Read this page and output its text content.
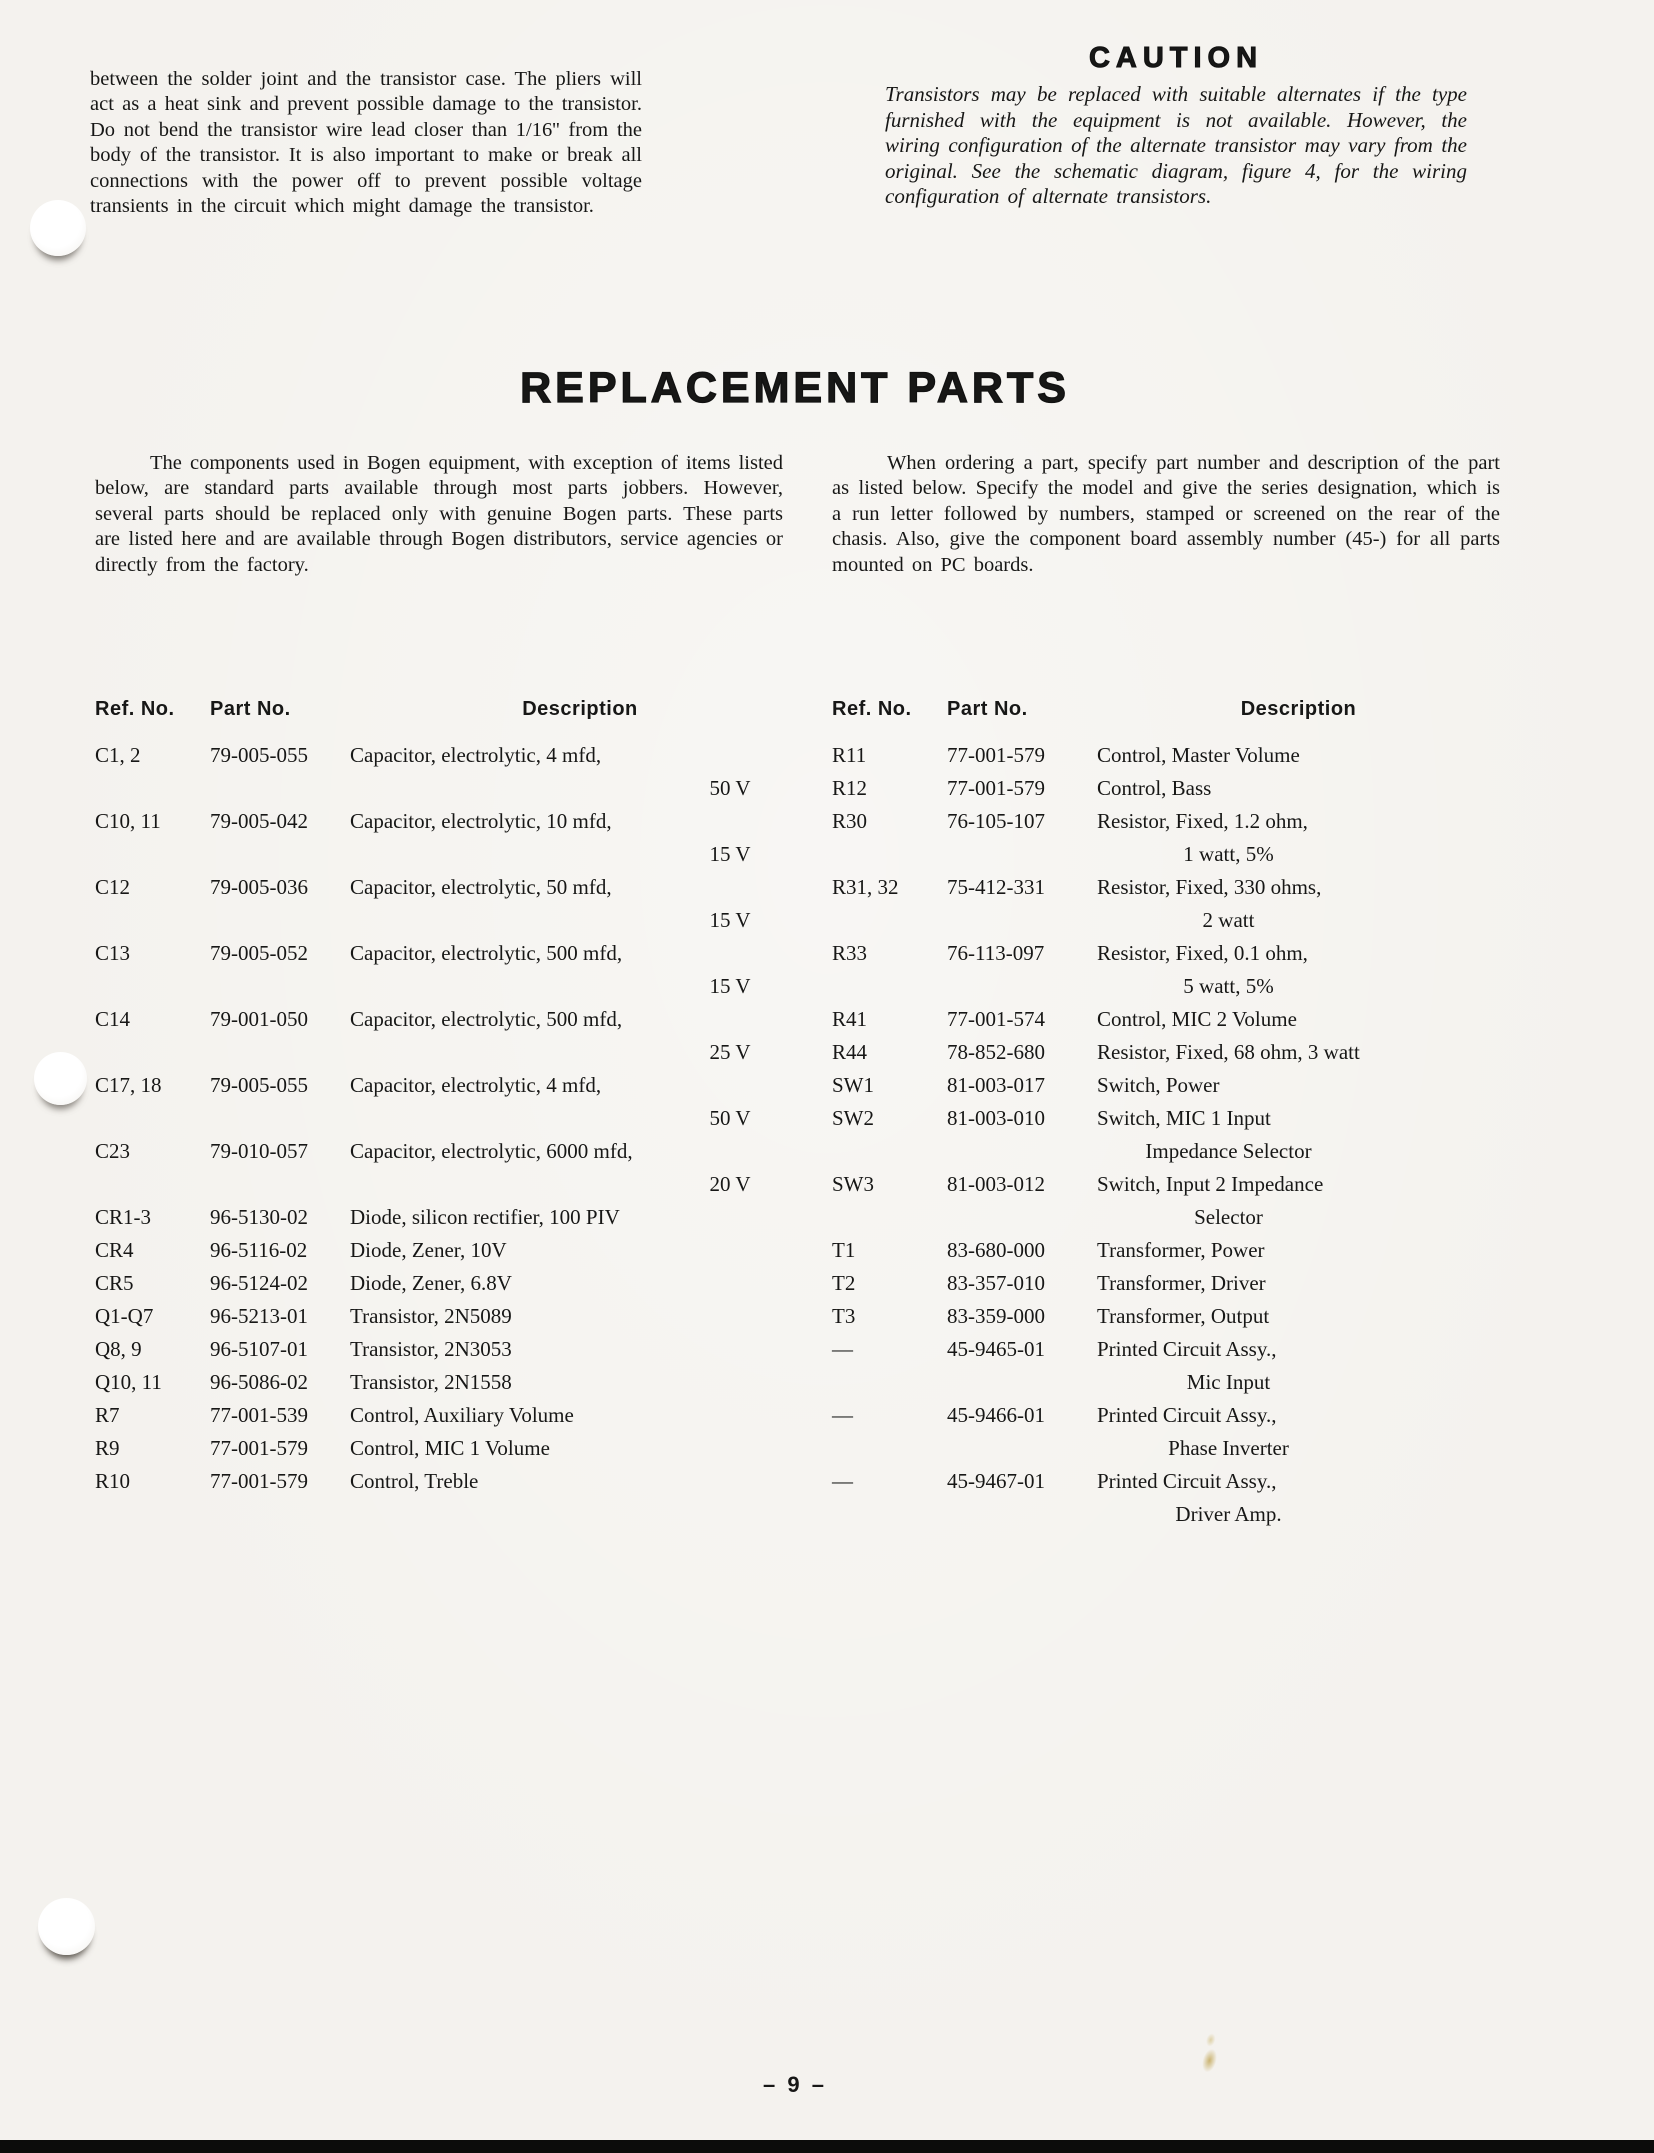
between the solder joint and the transistor case. The pliers will act as a heat sink and prevent possible damage to the transistor. Do not bend the transistor wire lead closer than 1/16'' from the body of the transistor. It is also important to make or break all connections with the power off to prevent possible voltage transients in the circuit which might damage the transistor.

CAUTION

Transistors may be replaced with suitable alternates if the type furnished with the equipment is not available. However, the wiring configuration of the alternate transistor may vary from the original. See the schematic diagram, figure 4, for the wiring configuration of alternate transistors.

REPLACEMENT PARTS

The components used in Bogen equipment, with exception of items listed below, are standard parts available through most parts jobbers. However, several parts should be replaced only with genuine Bogen parts. These parts are listed here and are available through Bogen distributors, service agencies or directly from the factory.

When ordering a part, specify part number and description of the part as listed below. Specify the model and give the series designation, which is a run letter followed by numbers, stamped or screened on the rear of the chasis. Also, give the component board assembly number (45-) for all parts mounted on PC boards.

Ref. No.	Part No.	Description
C1, 2	79-005-055	Capacitor, electrolytic, 4 mfd,
50 V
C10, 11	79-005-042	Capacitor, electrolytic, 10 mfd,
15 V
C12	79-005-036	Capacitor, electrolytic, 50 mfd,
15 V
C13	79-005-052	Capacitor, electrolytic, 500 mfd,
15 V
C14	79-001-050	Capacitor, electrolytic, 500 mfd,
25 V
C17, 18	79-005-055	Capacitor, electrolytic, 4 mfd,
50 V
C23	79-010-057	Capacitor, electrolytic, 6000 mfd,
20 V
CR1-3	96-5130-02	Diode, silicon rectifier, 100 PIV
CR4	96-5116-02	Diode, Zener, 10V
CR5	96-5124-02	Diode, Zener, 6.8V
Q1-Q7	96-5213-01	Transistor, 2N5089
Q8, 9	96-5107-01	Transistor, 2N3053
Q10, 11	96-5086-02	Transistor, 2N1558
R7	77-001-539	Control, Auxiliary Volume
R9	77-001-579	Control, MIC 1 Volume
R10	77-001-579	Control, Treble
Ref. No.	Part No.	Description
R11	77-001-579	Control, Master Volume
R12	77-001-579	Control, Bass
R30	76-105-107	Resistor, Fixed, 1.2 ohm,
1 watt, 5%
R31, 32	75-412-331	Resistor, Fixed, 330 ohms,
2 watt
R33	76-113-097	Resistor, Fixed, 0.1 ohm,
5 watt, 5%
R41	77-001-574	Control, MIC 2 Volume
R44	78-852-680	Resistor, Fixed, 68 ohm, 3 watt
SW1	81-003-017	Switch, Power
SW2	81-003-010	Switch, MIC 1 Input
Impedance Selector
SW3	81-003-012	Switch, Input 2 Impedance
Selector
T1	83-680-000	Transformer, Power
T2	83-357-010	Transformer, Driver
T3	83-359-000	Transformer, Output
––	45-9465-01	Printed Circuit Assy.,
Mic Input
––	45-9466-01	Printed Circuit Assy.,
Phase Inverter
––	45-9467-01	Printed Circuit Assy.,
Driver Amp.
– 9 –
